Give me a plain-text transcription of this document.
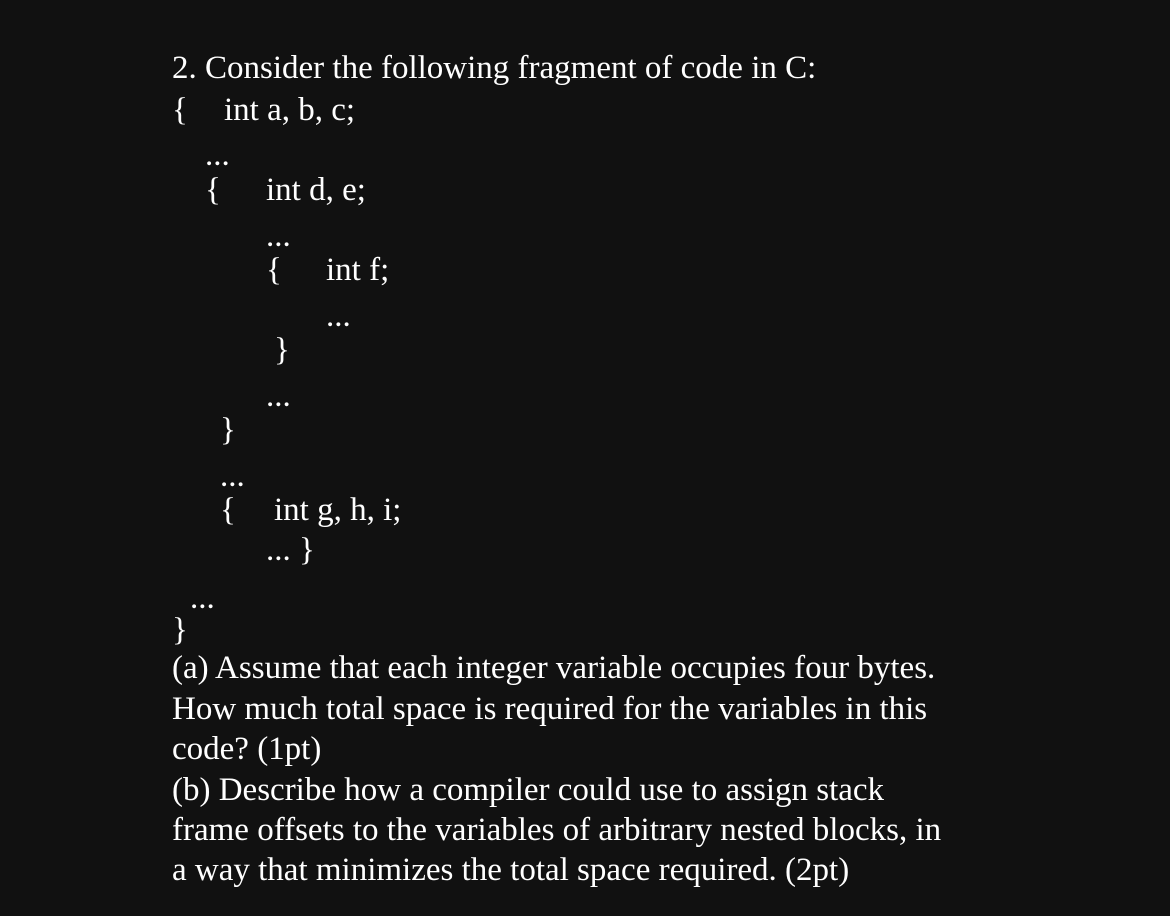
2. Consider the following fragment of code in C:
{ int a, b, c;
...
{ int d, e;
...
{ int f;
...
}
...
}
...
{ int g, h, i;
... }
...
}
(a) Assume that each integer variable occupies four bytes.
How much total space is required for the variables in this
code? (1pt)
(b) Describe how a compiler could use to assign stack
frame offsets to the variables of arbitrary nested blocks, in
a way that minimizes the total space required. (2pt)
